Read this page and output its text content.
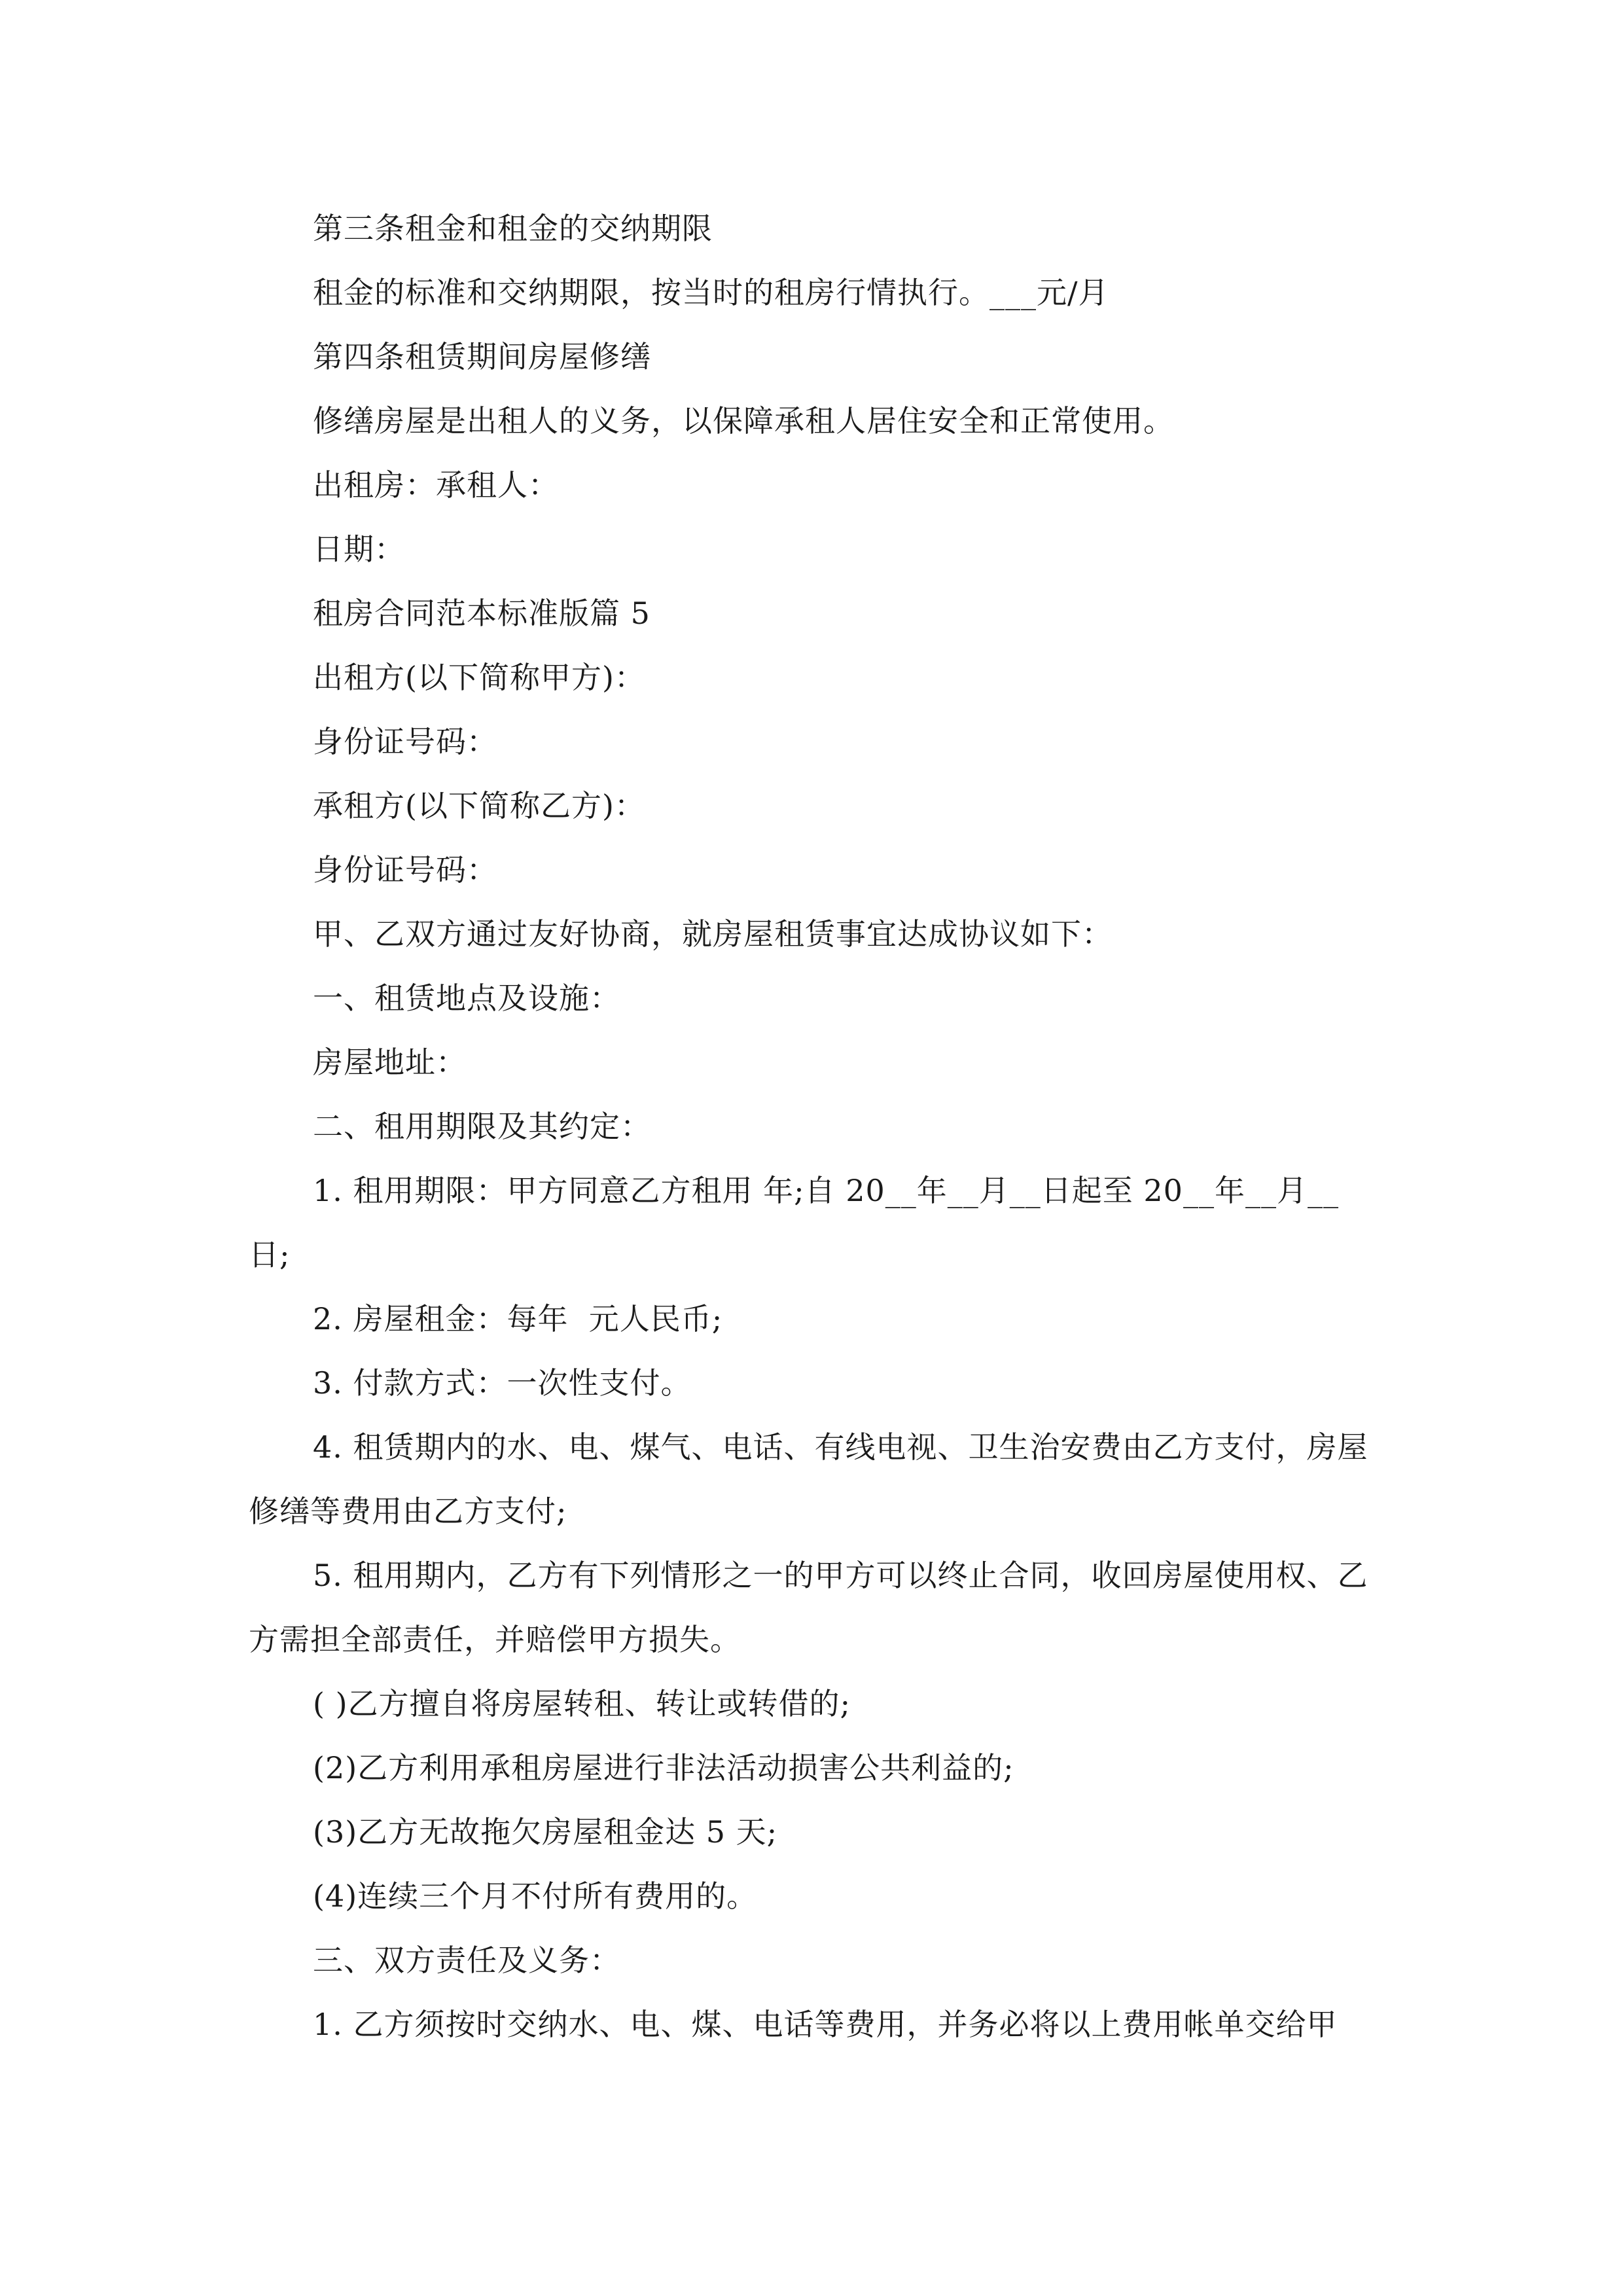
第三条租金和租金的交纳期限
租金的标准和交纳期限，按当时的租房行情执行。___元/月
第四条租赁期间房屋修缮
修缮房屋是出租人的义务，以保障承租人居住安全和正常使用。
出租房：承租人：
日期：
租房合同范本标准版篇 5
出租方(以下简称甲方)：
身份证号码：
承租方(以下简称乙方)：
身份证号码：
甲、乙双方通过友好协商，就房屋租赁事宜达成协议如下：
一、租赁地点及设施：
房屋地址：
二、租用期限及其约定：
1. 租用期限：甲方同意乙方租用 年;自 20__年__月__日起至 20__年__月__日;
2. 房屋租金：每年  元人民币;
3. 付款方式：一次性支付。
4. 租赁期内的水、电、煤气、电话、有线电视、卫生治安费由乙方支付，房屋修缮等费用由乙方支付;
5. 租用期内，乙方有下列情形之一的甲方可以终止合同，收回房屋使用权、乙方需担全部责任，并赔偿甲方损失。
( )乙方擅自将房屋转租、转让或转借的;
(2)乙方利用承租房屋进行非法活动损害公共利益的;
(3)乙方无故拖欠房屋租金达 5 天;
(4)连续三个月不付所有费用的。
三、双方责任及义务：
1. 乙方须按时交纳水、电、煤、电话等费用，并务必将以上费用帐单交给甲
